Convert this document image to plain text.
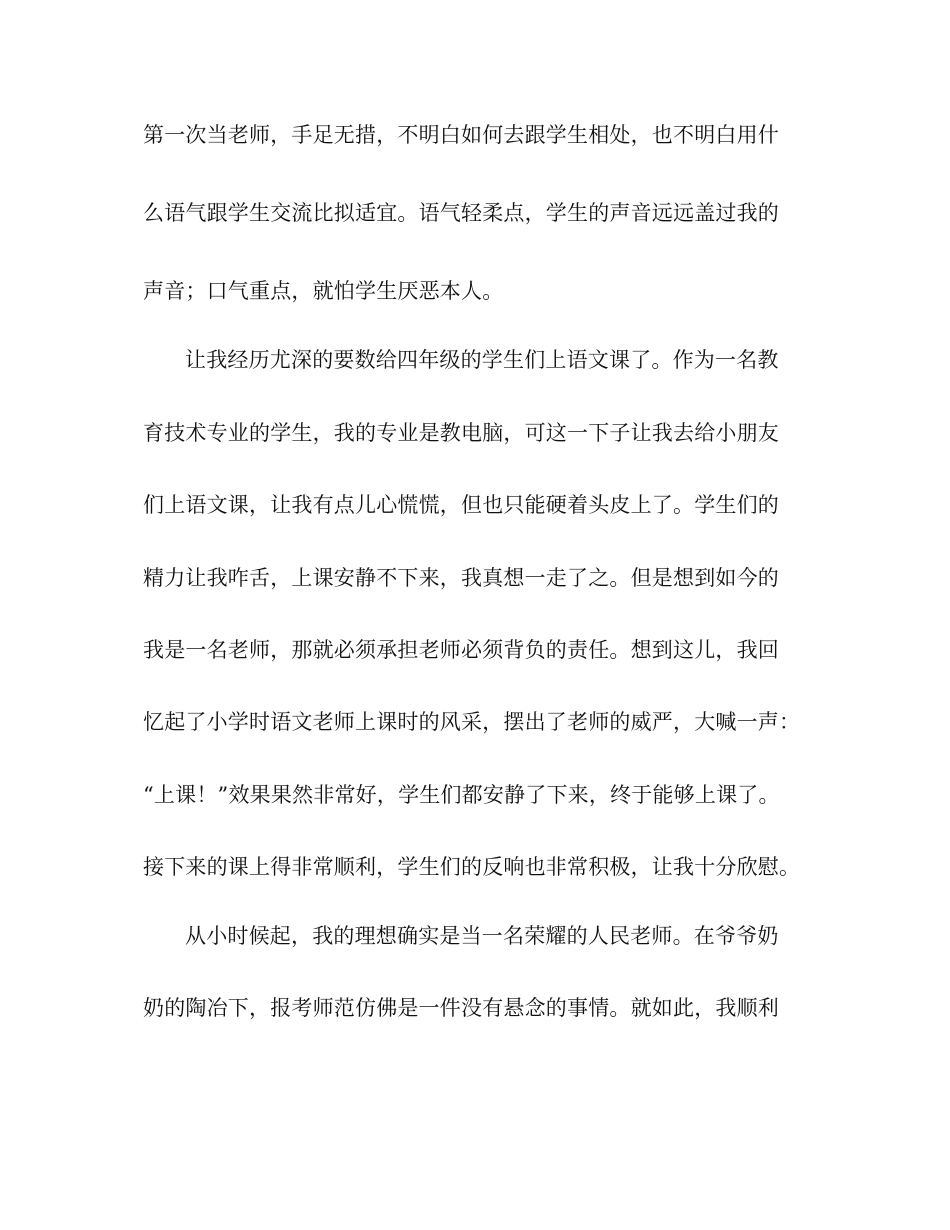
第一次当老师，手足无措，不明白如何去跟学生相处，也不明白用什
么语气跟学生交流比拟适宜。语气轻柔点，学生的声音远远盖过我的
声音；口气重点，就怕学生厌恶本人。
让我经历尤深的要数给四年级的学生们上语文课了。作为一名教
育技术专业的学生，我的专业是教电脑，可这一下子让我去给小朋友
们上语文课，让我有点儿心慌慌，但也只能硬着头皮上了。学生们的
精力让我咋舌，上课安静不下来，我真想一走了之。但是想到如今的
我是一名老师，那就必须承担老师必须背负的责任。想到这儿，我回
忆起了小学时语文老师上课时的风采，摆出了老师的威严，大喊一声：
“上课！”效果果然非常好，学生们都安静了下来，终于能够上课了。
接下来的课上得非常顺利，学生们的反响也非常积极，让我十分欣慰。
从小时候起，我的理想确实是当一名荣耀的人民老师。在爷爷奶
奶的陶冶下，报考师范仿佛是一件没有悬念的事情。就如此，我顺利
